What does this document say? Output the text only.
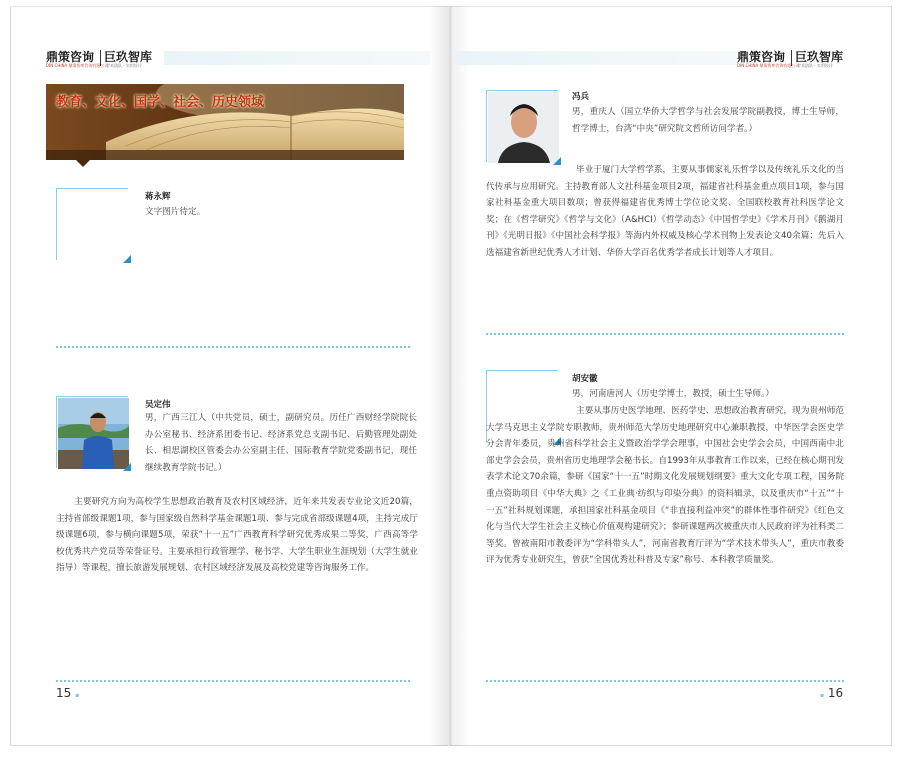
鼎策咨询 巨玖智库
DIN CHINA 鼎策智库咨询有限公司
学术团队 · 实用设计
鼎策咨询 巨玖智库
DIN CHINA 鼎策智库咨询有限公司
学术团队 · 实用设计
教育、文化、国学、社会、历史领域
蒋永辉
文字图片待定。
吴定伟
男，广西三江人（中共党员，硕士，副研究员。历任广西财经学院院长办公室秘书、经济系团委书记、经济系党总支副书记、后勤管理处副处长、相思湖校区管委会办公室副主任、国际教育学院党委副书记，现任继续教育学院书记。）
主要研究方向为高校学生思想政治教育及农村区域经济，近年来共发表专业论文近20篇，主持省部级课题1项，参与国家级自然科学基金课题1项、参与完成省部级课题4项，主持完成厅级课题6项，参与横向课题5项，荣获“十一五”广西教育科学研究优秀成果二等奖，广西高等学校优秀共产党员等荣誉证号。主要承担行政管理学、秘书学、大学生职业生涯规划（大学生就业指导）等课程，擅长旅游发展规划、农村区域经济发展及高校党建等咨询服务工作。
15 ▪
冯兵
男，重庆人（国立华侨大学哲学与社会发展学院副教授，博士生导师，哲学博士，台湾“中央”研究院文哲所访问学者。）
毕业于厦门大学哲学系，主要从事儒家礼乐哲学以及传统礼乐文化的当代传承与应用研究。主持教育部人文社科基金项目2项，福建省社科基金重点项目1项，参与国家社科基金重大项目数项；曾获得福建省优秀博士学位论文奖、全国联校教育社科医学论文奖；在《哲学研究》《哲学与文化》（A&HCI）《哲学动态》《中国哲学史》《学术月刊》《鹅湖月刊》《光明日报》《中国社会科学报》等海内外权威及核心学术刊物上发表论文40余篇；先后入选福建省新世纪优秀人才计划、华侨大学百名优秀学者成长计划等人才项目。
胡安徽
男，河南唐河人（历史学博士，教授，硕士生导师。）
主要从事历史医学地理、医药学史、思想政治教育研究，现为贵州师范大学马克思主义学院专职教师，贵州师范大学历史地理研究中心兼职教授，中华医学会医史学分会青年委员，贵州省科学社会主义暨政治学学会理事，中国社会史学会会员，中国西南中北部史学会会员，贵州省历史地理学会秘书长。自1993年从事教育工作以来，已经在核心期刊发表学术论文70余篇，参研《国家“十一五”时期文化发展规划纲要》重大文化专项工程，国务院重点资助项目《中华大典》之《工业典·纺织与印染分典》的资料辑录，以及重庆市“十五”“十一五”社科规划课题，承担国家社科基金项目《“非直接利益冲突”的群体性事件研究》《红色文化与当代大学生社会主义核心价值观构建研究》；参研课题两次被重庆市人民政府评为社科类二等奖。曾被南阳市教委评为“学科带头人”，河南省教育厅评为“学术技术带头人”，重庆市教委评为优秀专业研究生，曾获“全国优秀社科普及专家”称号、本科教学质量奖。
▪ 16
